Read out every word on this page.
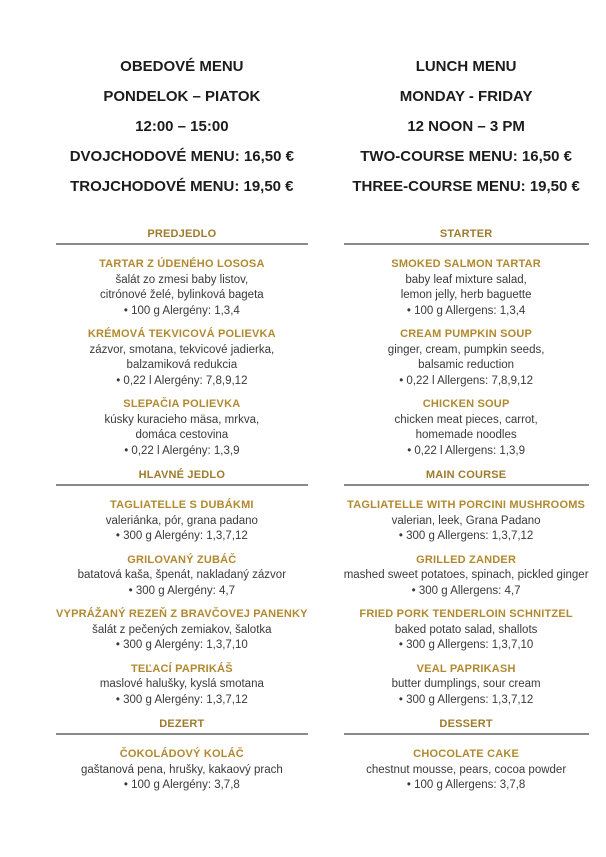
OBEDOVÉ MENU
PONDELOK – PIATOK
12:00 – 15:00
DVOJCHODOVÉ MENU: 16,50 €
TROJCHODOVÉ MENU: 19,50 €
LUNCH MENU
MONDAY - FRIDAY
12 NOON – 3 PM
TWO-COURSE MENU: 16,50 €
THREE-COURSE MENU: 19,50 €
PREDJEDLO	STARTER
TARTAR Z ÚDENÉHO LOSOSA
šalát zo zmesi baby listov,
citrónové želé, bylinková bageta
• 100 g Alergény: 1,3,4
SMOKED SALMON TARTAR
baby leaf mixture salad,
lemon jelly, herb baguette
• 100 g Allergens: 1,3,4
KRÉMOVÁ TEKVICOVÁ POLIEVKA
zázvor, smotana, tekvicové jadierka,
balzamiková redukcia
• 0,22 l Alergény: 7,8,9,12
CREAM PUMPKIN SOUP
ginger, cream, pumpkin seeds,
balsamic reduction
• 0,22 l Allergens: 7,8,9,12
SLEPAČIA POLIEVKA
kúsky kuracieho mäsa, mrkva,
domáca cestovina
• 0,22 l Alergény: 1,3,9
CHICKEN SOUP
chicken meat pieces, carrot,
homemade noodles
• 0,22 l Allergens: 1,3,9
HLAVNÉ JEDLO	MAIN COURSE
TAGLIATELLE S DUBÁKMI
valeriánka, pór, grana padano
• 300 g Alergény: 1,3,7,12
TAGLIATELLE WITH PORCINI MUSHROOMS
valerian, leek, Grana Padano
• 300 g Allergens: 1,3,7,12
GRILOVANÝ ZUBÁČ
batatová kaša, špenát, nakladaný zázvor
• 300 g Alergény: 4,7
GRILLED ZANDER
mashed sweet potatoes, spinach, pickled ginger
• 300 g Allergens: 4,7
VYPRÁŽANÝ REZEŇ Z BRAVČOVEJ PANENKY
šalát z pečených zemiakov, šalotka
• 300 g Alergény: 1,3,7,10
FRIED PORK TENDERLOIN SCHNITZEL
baked potato salad, shallots
• 300 g Allergens: 1,3,7,10
TEĽACÍ PAPRIKÁŠ
maslové halušky, kyslá smotana
• 300 g Alergény: 1,3,7,12
VEAL PAPRIKASH
butter dumplings, sour cream
• 300 g Allergens: 1,3,7,12
DEZERT	DESSERT
ČOKOLÁDOVÝ KOLÁČ
gaštanová pena, hrušky, kakaový prach
• 100 g Alergény: 3,7,8
CHOCOLATE CAKE
chestnut mousse, pears, cocoa powder
• 100 g Allergens: 3,7,8
